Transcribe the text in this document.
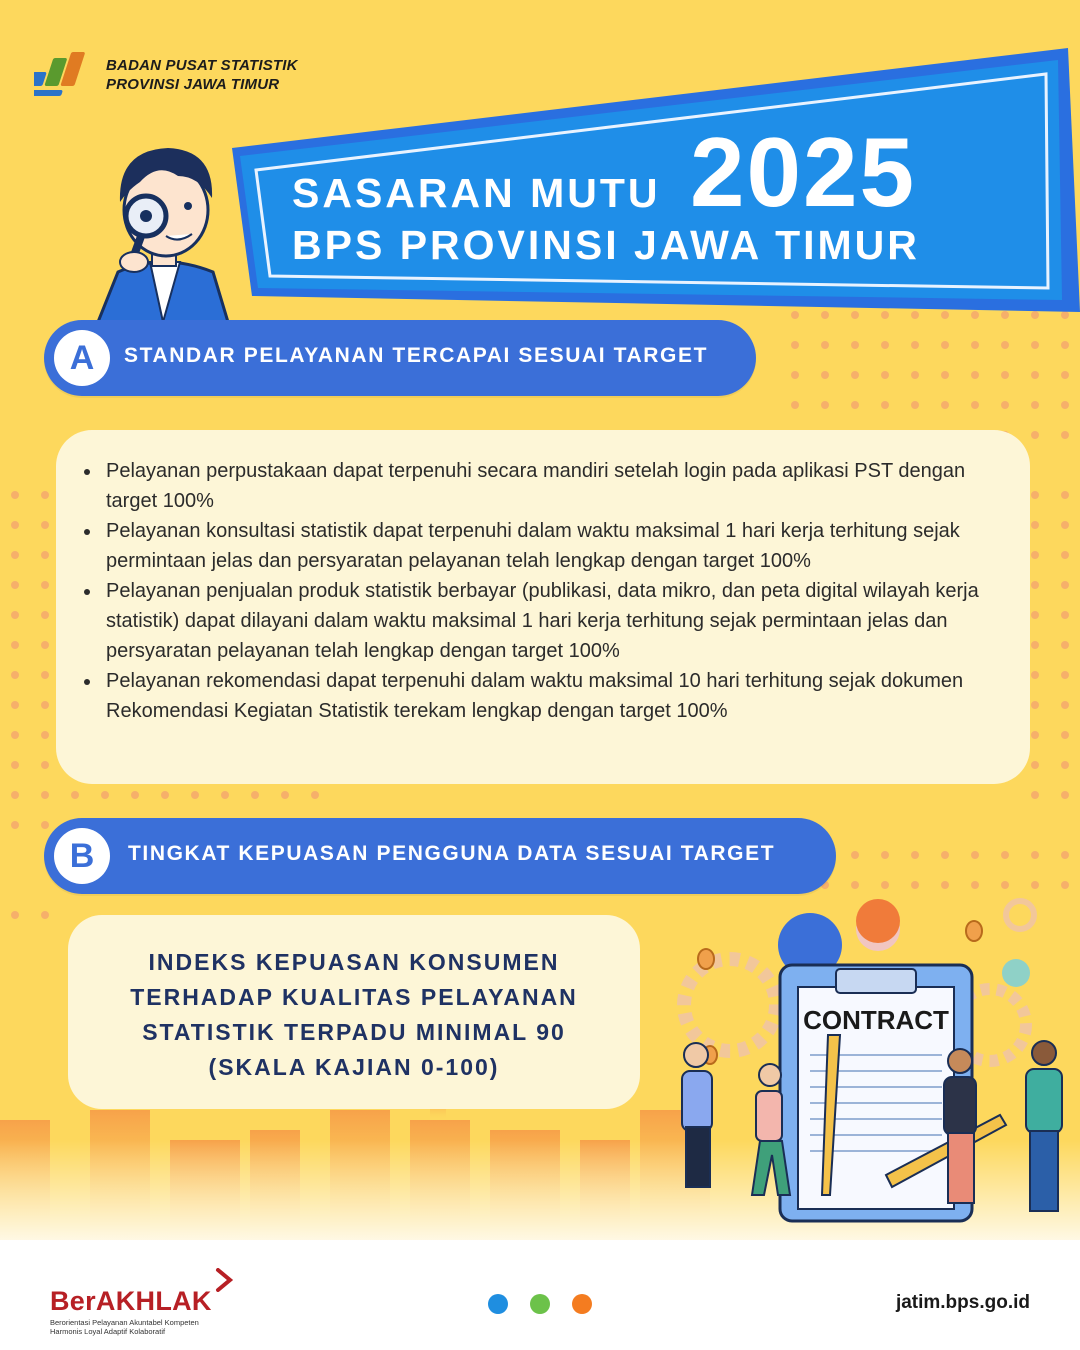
BADAN PUSAT STATISTIK
PROVINSI JAWA TIMUR
SASARAN MUTU 2025
BPS PROVINSI JAWA TIMUR
A	STANDAR PELAYANAN TERCAPAI SESUAI TARGET
• Pelayanan perpustakaan dapat terpenuhi secara mandiri setelah login pada aplikasi PST dengan target 100%
• Pelayanan konsultasi statistik dapat terpenuhi dalam waktu maksimal 1 hari kerja terhitung sejak permintaan jelas dan persyaratan pelayanan telah lengkap dengan target 100%
• Pelayanan penjualan produk statistik berbayar (publikasi, data mikro, dan peta digital wilayah kerja statistik) dapat dilayani dalam waktu maksimal 1 hari kerja terhitung sejak permintaan jelas dan persyaratan pelayanan telah lengkap dengan target 100%
• Pelayanan rekomendasi dapat terpenuhi dalam waktu maksimal 10 hari terhitung sejak dokumen Rekomendasi Kegiatan Statistik terekam lengkap dengan target 100%
B	TINGKAT KEPUASAN PENGGUNA DATA SESUAI TARGET
INDEKS KEPUASAN KONSUMEN
TERHADAP KUALITAS PELAYANAN
STATISTIK TERPADU MINIMAL 90
(SKALA KAJIAN 0-100)
CONTRACT
BerAKHLAK
Berorientasi Pelayanan Akuntabel Kompeten
Harmonis Loyal Adaptif Kolaboratif
jatim.bps.go.id
